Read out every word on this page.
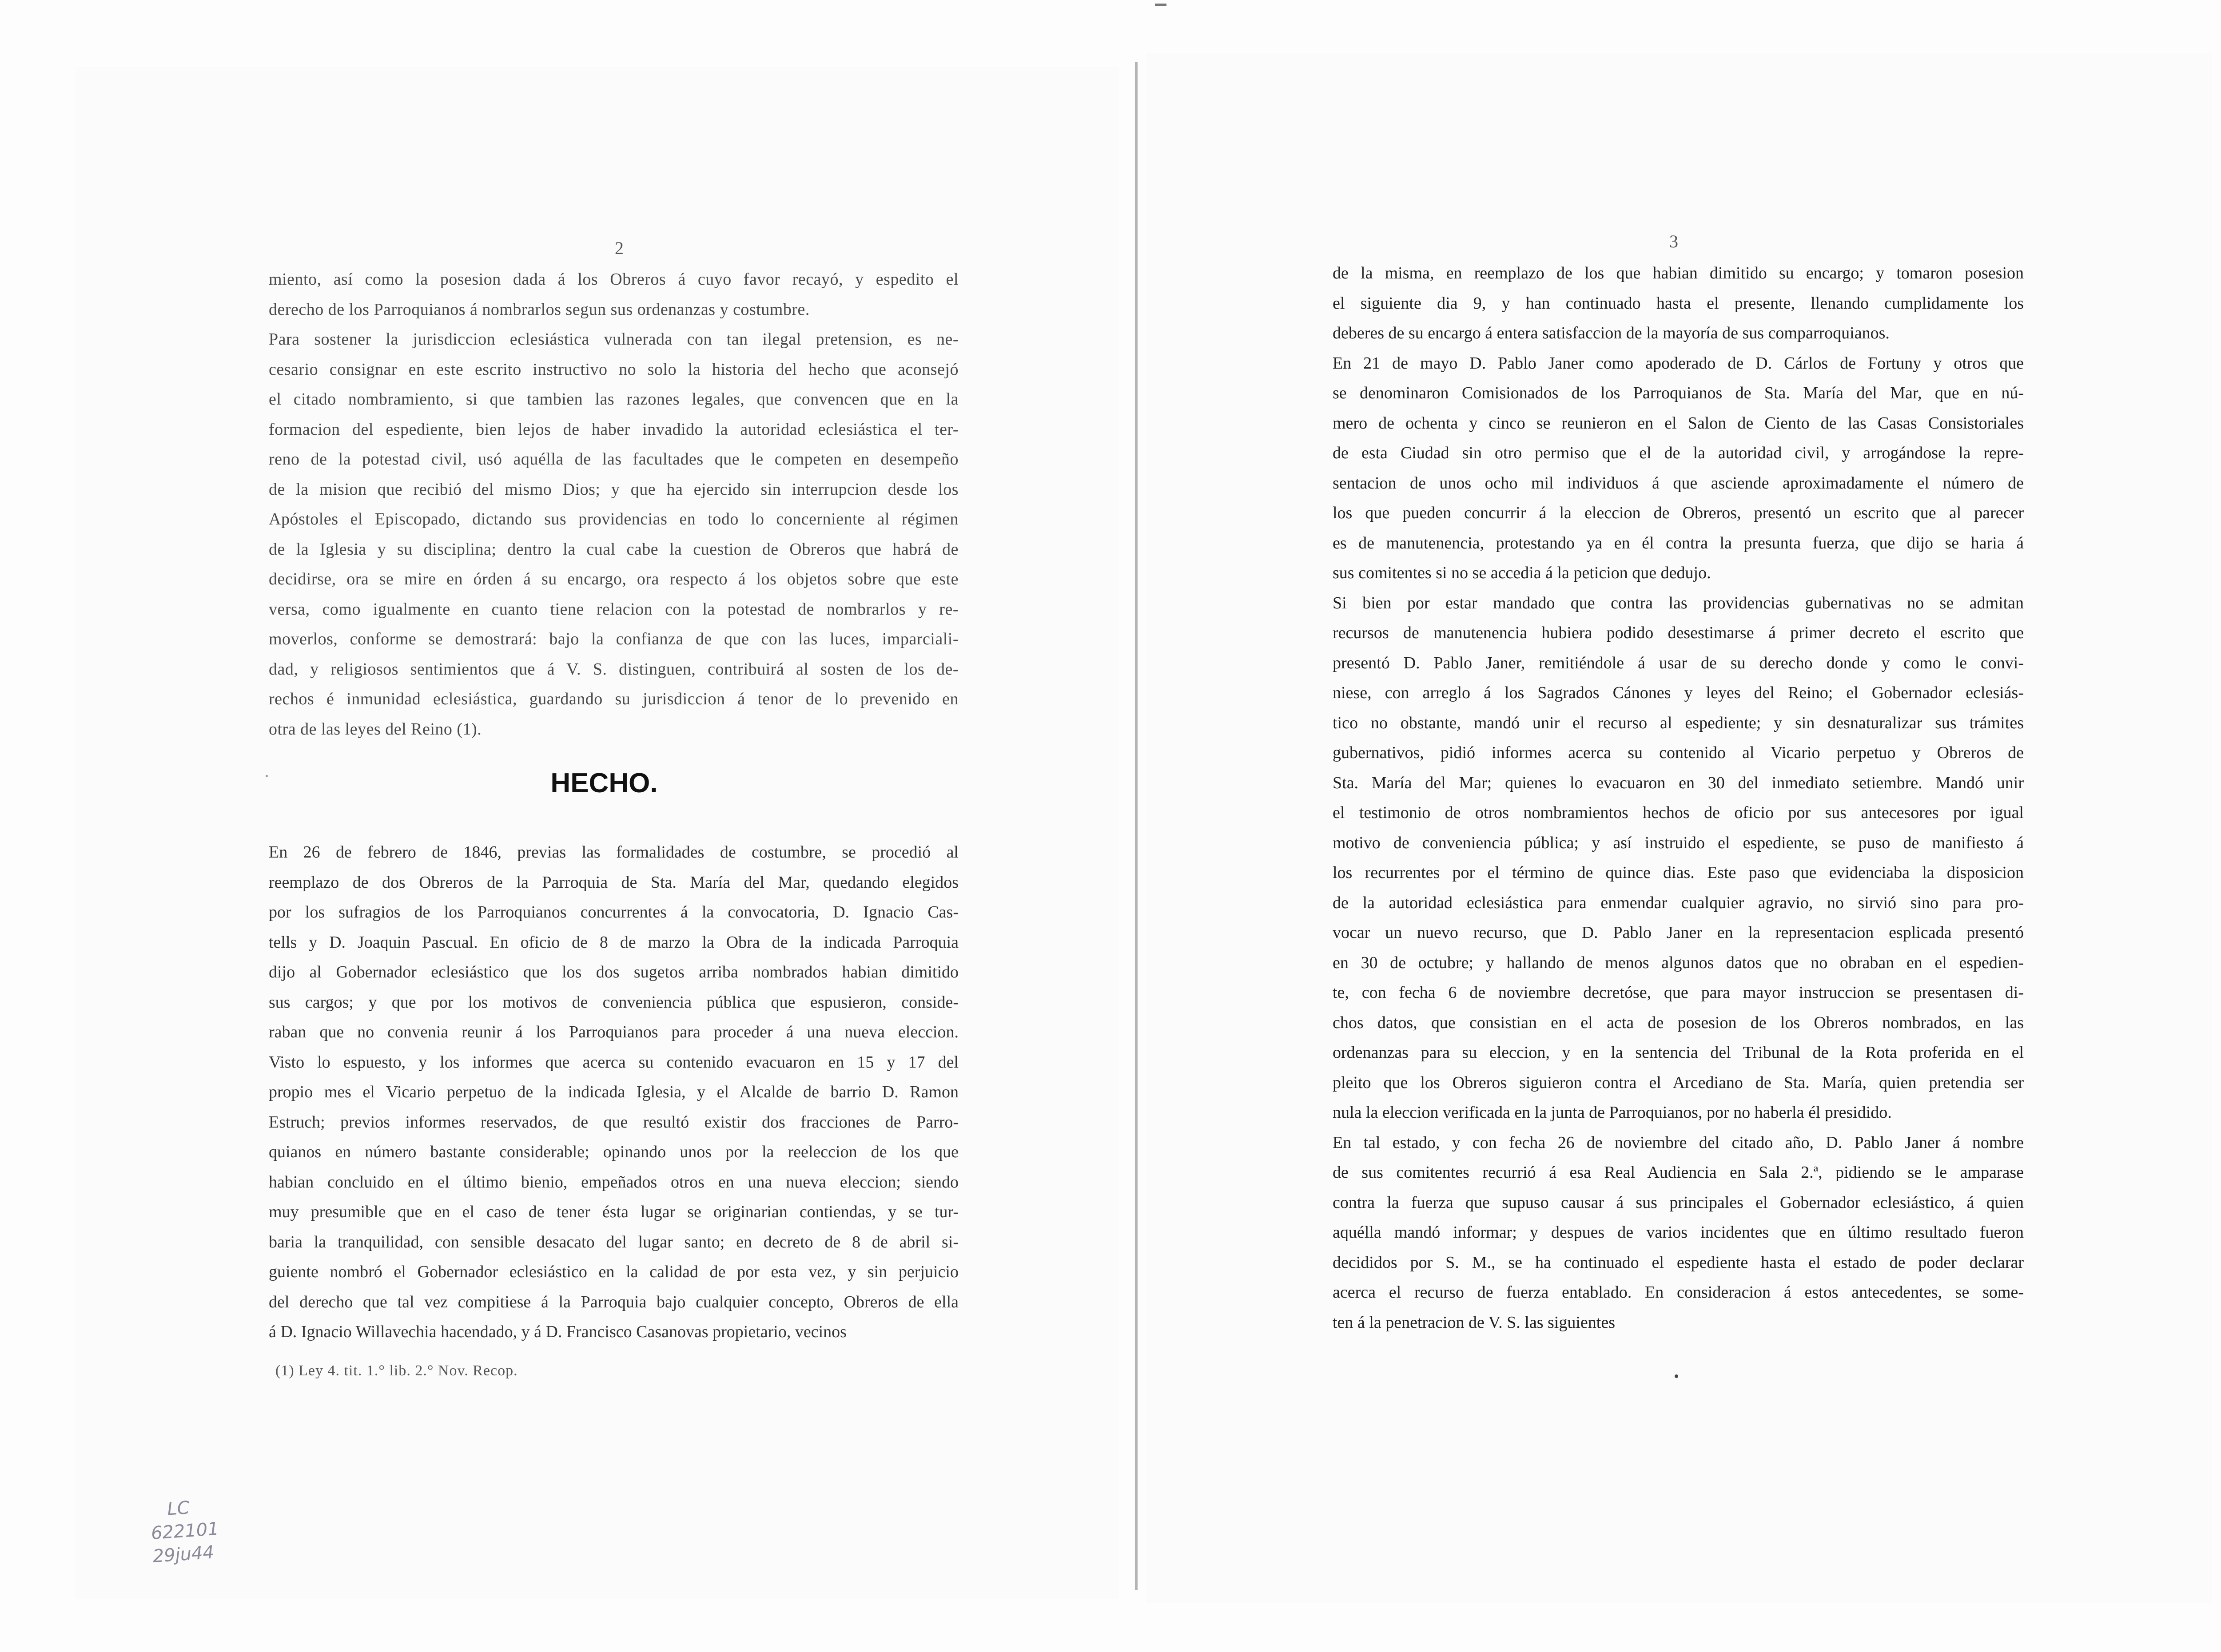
2
miento, así como la posesion dada á los Obreros á cuyo favor recayó, y espedito el
derecho de los Parroquianos á nombrarlos segun sus ordenanzas y costumbre.
Para sostener la jurisdiccion eclesiástica vulnerada con tan ilegal pretension, es ne-
cesario consignar en este escrito instructivo no solo la historia del hecho que aconsejó
el citado nombramiento, si que tambien las razones legales, que convencen que en la
formacion del espediente, bien lejos de haber invadido la autoridad eclesiástica el ter-
reno de la potestad civil, usó aquélla de las facultades que le competen en desempeño
de la mision que recibió del mismo Dios; y que ha ejercido sin interrupcion desde los
Apóstoles el Episcopado, dictando sus providencias en todo lo concerniente al régimen
de la Iglesia y su disciplina; dentro la cual cabe la cuestion de Obreros que habrá de
decidirse, ora se mire en órden á su encargo, ora respecto á los objetos sobre que este
versa, como igualmente en cuanto tiene relacion con la potestad de nombrarlos y re-
moverlos, conforme se demostrará: bajo la confianza de que con las luces, imparciali-
dad, y religiosos sentimientos que á V. S. distinguen, contribuirá al sosten de los de-
rechos é inmunidad eclesiástica, guardando su jurisdiccion á tenor de lo prevenido en
otra de las leyes del Reino (1).
HECHO.
En 26 de febrero de 1846, previas las formalidades de costumbre, se procedió al
reemplazo de dos Obreros de la Parroquia de Sta. María del Mar, quedando elegidos
por los sufragios de los Parroquianos concurrentes á la convocatoria, D. Ignacio Cas-
tells y D. Joaquin Pascual. En oficio de 8 de marzo la Obra de la indicada Parroquia
dijo al Gobernador eclesiástico que los dos sugetos arriba nombrados habian dimitido
sus cargos; y que por los motivos de conveniencia pública que espusieron, conside-
raban que no convenia reunir á los Parroquianos para proceder á una nueva eleccion.
Visto lo espuesto, y los informes que acerca su contenido evacuaron en 15 y 17 del
propio mes el Vicario perpetuo de la indicada Iglesia, y el Alcalde de barrio D. Ramon
Estruch; previos informes reservados, de que resultó existir dos fracciones de Parro-
quianos en número bastante considerable; opinando unos por la reeleccion de los que
habian concluido en el último bienio, empeñados otros en una nueva eleccion; siendo
muy presumible que en el caso de tener ésta lugar se originarian contiendas, y se tur-
baria la tranquilidad, con sensible desacato del lugar santo; en decreto de 8 de abril si-
guiente nombró el Gobernador eclesiástico en la calidad de por esta vez, y sin perjuicio
del derecho que tal vez compitiese á la Parroquia bajo cualquier concepto, Obreros de ella
á D. Ignacio Willavechia hacendado, y á D. Francisco Casanovas propietario, vecinos
(1) Ley 4. tit. 1.° lib. 2.° Nov. Recop.
LC
622101
29ju44
3
de la misma, en reemplazo de los que habian dimitido su encargo; y tomaron posesion
el siguiente dia 9, y han continuado hasta el presente, llenando cumplidamente los
deberes de su encargo á entera satisfaccion de la mayoría de sus comparroquianos.
En 21 de mayo D. Pablo Janer como apoderado de D. Cárlos de Fortuny y otros que
se denominaron Comisionados de los Parroquianos de Sta. María del Mar, que en nú-
mero de ochenta y cinco se reunieron en el Salon de Ciento de las Casas Consistoriales
de esta Ciudad sin otro permiso que el de la autoridad civil, y arrogándose la repre-
sentacion de unos ocho mil individuos á que asciende aproximadamente el número de
los que pueden concurrir á la eleccion de Obreros, presentó un escrito que al parecer
es de manutenencia, protestando ya en él contra la presunta fuerza, que dijo se haria á
sus comitentes si no se accedia á la peticion que dedujo.
Si bien por estar mandado que contra las providencias gubernativas no se admitan
recursos de manutenencia hubiera podido desestimarse á primer decreto el escrito que
presentó D. Pablo Janer, remitiéndole á usar de su derecho donde y como le convi-
niese, con arreglo á los Sagrados Cánones y leyes del Reino; el Gobernador eclesiás-
tico no obstante, mandó unir el recurso al espediente; y sin desnaturalizar sus trámites
gubernativos, pidió informes acerca su contenido al Vicario perpetuo y Obreros de
Sta. María del Mar; quienes lo evacuaron en 30 del inmediato setiembre. Mandó unir
el testimonio de otros nombramientos hechos de oficio por sus antecesores por igual
motivo de conveniencia pública; y así instruido el espediente, se puso de manifiesto á
los recurrentes por el término de quince dias. Este paso que evidenciaba la disposicion
de la autoridad eclesiástica para enmendar cualquier agravio, no sirvió sino para pro-
vocar un nuevo recurso, que D. Pablo Janer en la representacion esplicada presentó
en 30 de octubre; y hallando de menos algunos datos que no obraban en el espedien-
te, con fecha 6 de noviembre decretóse, que para mayor instruccion se presentasen di-
chos datos, que consistian en el acta de posesion de los Obreros nombrados, en las
ordenanzas para su eleccion, y en la sentencia del Tribunal de la Rota proferida en el
pleito que los Obreros siguieron contra el Arcediano de Sta. María, quien pretendia ser
nula la eleccion verificada en la junta de Parroquianos, por no haberla él presidido.
En tal estado, y con fecha 26 de noviembre del citado año, D. Pablo Janer á nombre
de sus comitentes recurrió á esa Real Audiencia en Sala 2.ª, pidiendo se le amparase
contra la fuerza que supuso causar á sus principales el Gobernador eclesiástico, á quien
aquélla mandó informar; y despues de varios incidentes que en último resultado fueron
decididos por S. M., se ha continuado el espediente hasta el estado de poder declarar
acerca el recurso de fuerza entablado. En consideracion á estos antecedentes, se some-
ten á la penetracion de V. S. las siguientes
